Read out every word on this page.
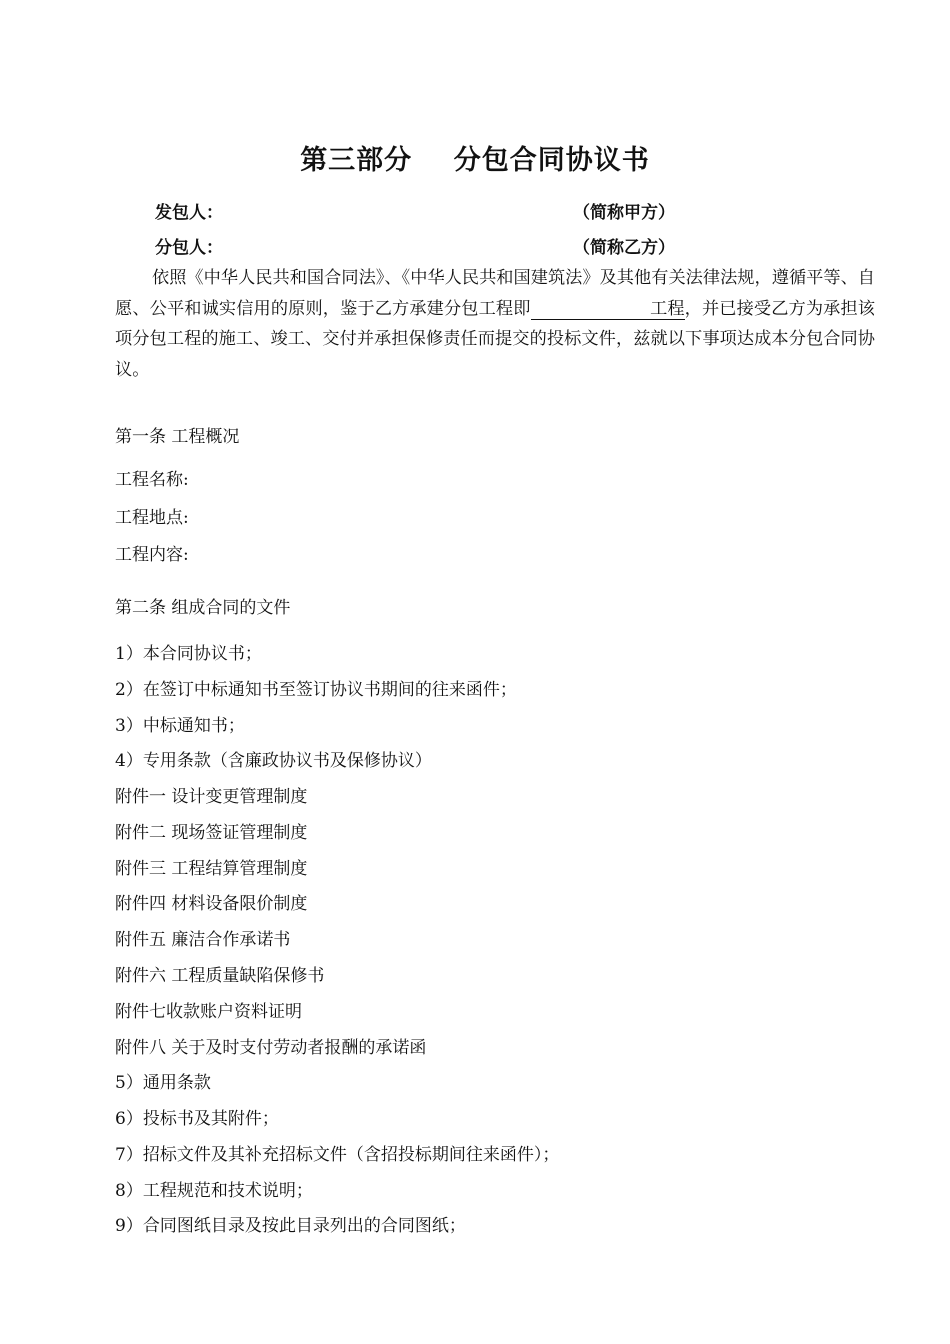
第三部分    分包合同协议书
发包人：	（简称甲方）
分包人：	（简称乙方）

依照《中华人民共和国合同法》、《中华人民共和国建筑法》及其他有关法律法规，遵循平等、自愿、公平和诚实信用的原则，鉴于乙方承建分包工程即	工程，并已接受乙方为承担该项分包工程的施工、竣工、交付并承担保修责任而提交的投标文件，兹就以下事项达成本分包合同协议。

第一条 工程概况
工程名称:
工程地点:
工程内容:
第二条 组成合同的文件
1）本合同协议书；
2）在签订中标通知书至签订协议书期间的往来函件；
3）中标通知书；
4）专用条款（含廉政协议书及保修协议）
附件一 设计变更管理制度
附件二 现场签证管理制度
附件三 工程结算管理制度
附件四 材料设备限价制度
附件五 廉洁合作承诺书
附件六 工程质量缺陷保修书
附件七收款账户资料证明
附件八 关于及时支付劳动者报酬的承诺函
5）通用条款
6）投标书及其附件；
7）招标文件及其补充招标文件（含招投标期间往来函件）；
8）工程规范和技术说明；
9）合同图纸目录及按此目录列出的合同图纸；
